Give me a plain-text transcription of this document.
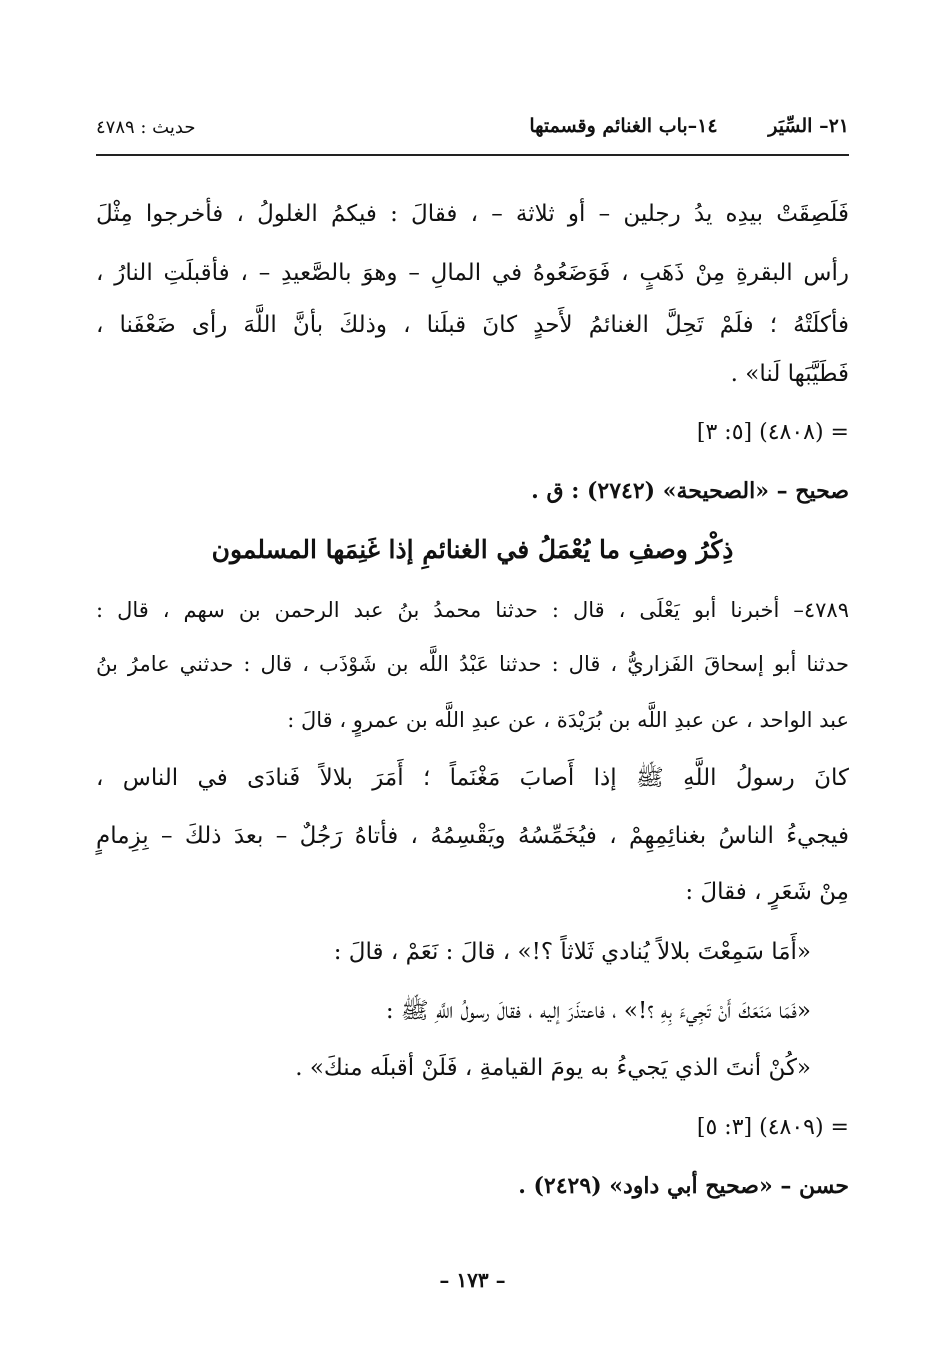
٢١– السِّيَر ١٤–باب الغنائم وقسمتها
حديث : ٤٧٨٩
فَلَصِقَتْ بيدِه يدُ رجلين – أو ثلاثة – ، فقالَ : فيكمُ الغلولُ ، فأخرجوا مِثْلَ
رأس البقرةِ مِنْ ذَهَبٍ ، فَوَضَعُوهُ في المالِ – وهوَ بالصَّعيدِ – ، فأقبلَتِ النارُ ،
فأكلَتْهُ ؛ فلَمْ تَحِلَّ الغنائمُ لأَحدٍ كانَ قبلَنا ، وذلكَ بأنَّ اللَّهَ رأى ضَعْفَنا ،
فَطَيَّبَها لَنا» .
= (٤٨٠٨) [٥: ٣]
صحيح – «الصحيحة» (٢٧٤٢) : ق .
ذِكْرُ وصفِ ما يُعْمَلُ في الغنائمِ إذا غَنِمَها المسلمون
٤٧٨٩– أخبرنا أبو يَعْلَى ، قال : حدثنا محمدُ بنُ عبد الرحمن بن سهم ، قال :
حدثنا أبو إسحاقَ الفَزاريُّ ، قال : حدثنا عَبْدُ اللَّه بن شَوْذَب ، قال : حدثني عامرُ بنُ
عبد الواحد ، عن عبدِ اللَّه بن بُرَيْدَة ، عن عبدِ اللَّه بن عمروٍ ، قالَ :
كانَ رسولُ اللَّهِ ﷺ إذا أَصابَ مَغْنَماً ؛ أَمَرَ بلالاً فَنادَى في الناس ،
فيجيءُ الناسُ بغنائِمِهِمْ ، فيُخَمِّسُهُ ويَقْسِمُهُ ، فأتاهُ رَجُلٌ – بعدَ ذلكَ – بِزِمامٍ
مِنْ شَعَرٍ ، فقالَ :
«أَمَا سَمِعْتَ بلالاً يُنادي ثَلاثاً ؟!» ، قالَ : نَعَمْ ، قالَ :
«فَمَا مَنَعَكَ أَنْ تَجِيءَ بِهِ ؟!» ، فاعتذَرَ إليه ، فقالَ رسولُ اللَّهِ ﷺ :
«كُنْ أنتَ الذي يَجيءُ به يومَ القيامةِ ، فَلَنْ أقبلَه منكَ» .
= (٤٨٠٩) [٣: ٥]
حسن – «صحيح أبي داود» (٢٤٢٩) .
– ١٧٣ –
